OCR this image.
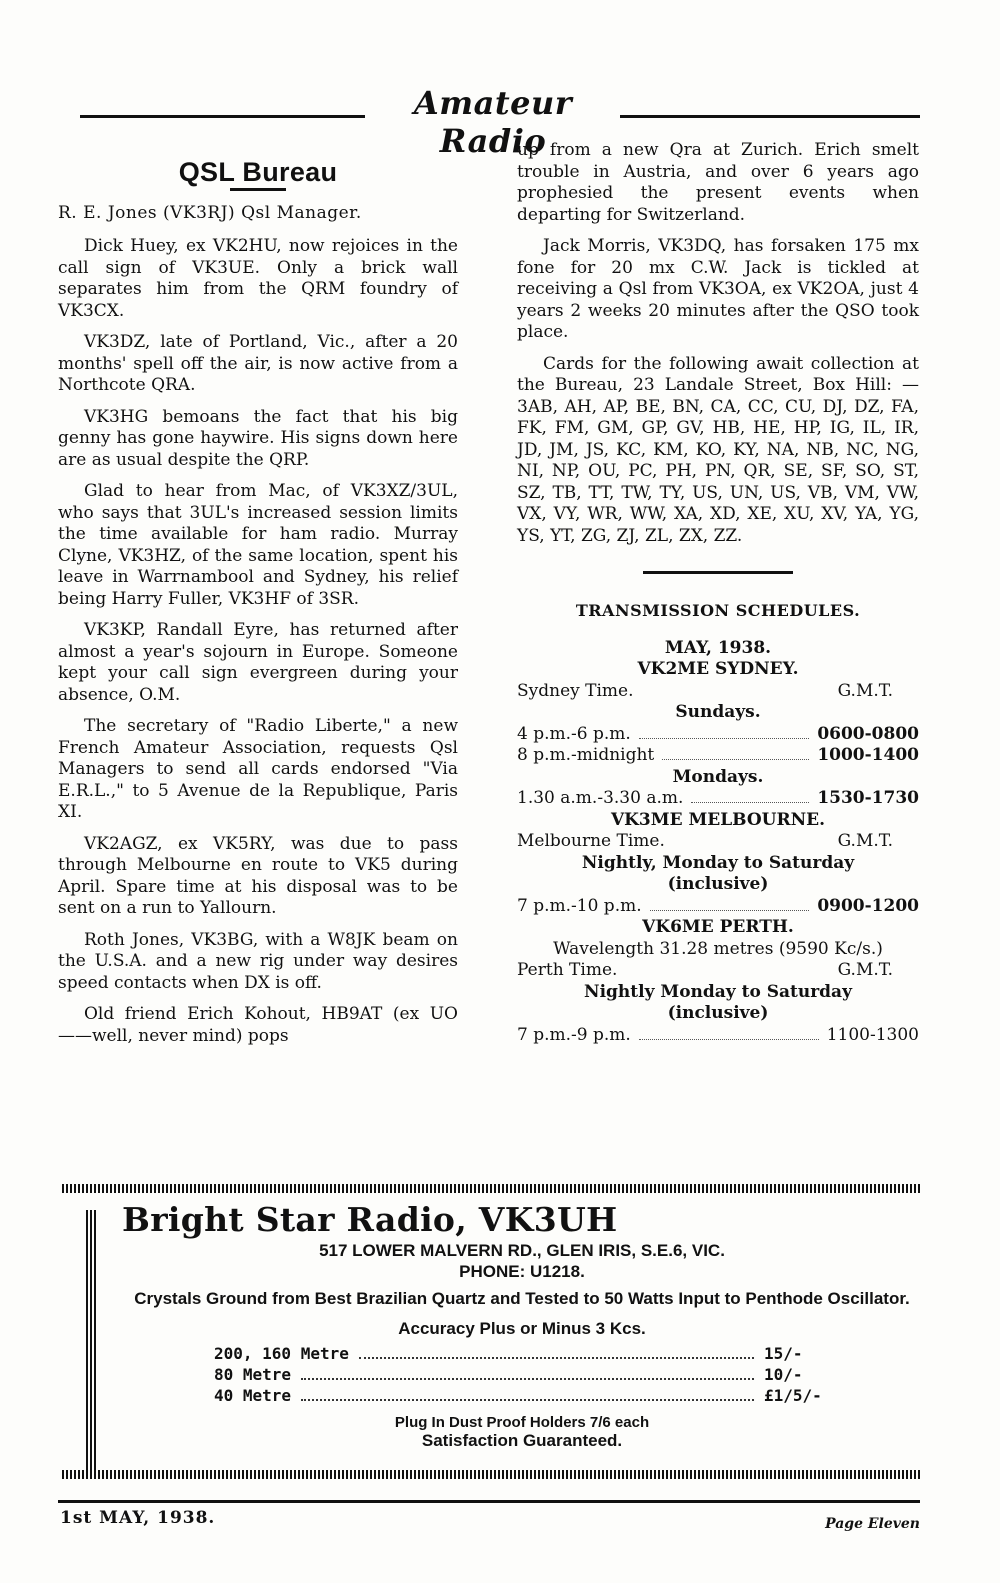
Amateur Radio
QSL Bureau

R. E. Jones (VK3RJ) Qsl Manager.

Dick Huey, ex VK2HU, now rejoices in the call sign of VK3UE. Only a brick wall separates him from the QRM foundry of VK3CX.

VK3DZ, late of Portland, Vic., after a 20 months' spell off the air, is now active from a Northcote QRA.

VK3HG bemoans the fact that his big genny has gone haywire. His signs down here are as usual despite the QRP.

Glad to hear from Mac, of VK3XZ/3UL, who says that 3UL's increased session limits the time available for ham radio. Murray Clyne, VK3HZ, of the same location, spent his leave in Warrnambool and Sydney, his relief being Harry Fuller, VK3HF of 3SR.

VK3KP, Randall Eyre, has returned after almost a year's sojourn in Europe. Someone kept your call sign evergreen during your absence, O.M.

The secretary of "Radio Liberte," a new French Amateur Association, requests Qsl Managers to send all cards endorsed "Via E.R.L.," to 5 Avenue de la Republique, Paris XI.

VK2AGZ, ex VK5RY, was due to pass through Melbourne en route to VK5 during April. Spare time at his disposal was to be sent on a run to Yallourn.

Roth Jones, VK3BG, with a W8JK beam on the U.S.A. and a new rig under way desires speed contacts when DX is off.

Old friend Erich Kohout, HB9AT (ex UO——well, never mind) pops

up from a new Qra at Zurich. Erich smelt trouble in Austria, and over 6 years ago prophesied the present events when departing for Switzerland.

Jack Morris, VK3DQ, has forsaken 175 mx fone for 20 mx C.W. Jack is tickled at receiving a Qsl from VK3OA, ex VK2OA, just 4 years 2 weeks 20 minutes after the QSO took place.

Cards for the following await collection at the Bureau, 23 Landale Street, Box Hill: — 3AB, AH, AP, BE, BN, CA, CC, CU, DJ, DZ, FA, FK, FM, GM, GP, GV, HB, HE, HP, IG, IL, IR, JD, JM, JS, KC, KM, KO, KY, NA, NB, NC, NG, NI, NP, OU, PC, PH, PN, QR, SE, SF, SO, ST, SZ, TB, TT, TW, TY, US, UN, US, VB, VM, VW, VX, VY, WR, WW, XA, XD, XE, XU, XV, YA, YG, YS, YT, ZG, ZJ, ZL, ZX, ZZ.

TRANSMISSION SCHEDULES.
MAY, 1938.
VK2ME SYDNEY.
Sydney Time.	G.M.T.
Sundays.
4 p.m.-6 p.m.	0600-0800
8 p.m.-midnight	1000-1400
Mondays.
1.30 a.m.-3.30 a.m.	1530-1730
VK3ME MELBOURNE.
Melbourne Time.	G.M.T.
Nightly, Monday to Saturday
(inclusive)
7 p.m.-10 p.m.	0900-1200
VK6ME PERTH.
Wavelength 31.28 metres (9590 Kc/s.)
Perth Time.	G.M.T.
Nightly Monday to Saturday
(inclusive)
7 p.m.-9 p.m.	1100-1300
Bright Star Radio, VK3UH
517 LOWER MALVERN RD., GLEN IRIS, S.E.6, VIC.
PHONE: U1218.
Crystals Ground from Best Brazilian Quartz and Tested to 50 Watts Input to Penthode Oscillator.
Accuracy Plus or Minus 3 Kcs.
200, 160 Metre	15/-
80 Metre	10/-
40 Metre	£1/5/-
Plug In Dust Proof Holders 7/6 each
Satisfaction Guaranteed.
1st MAY, 1938.	Page Eleven
